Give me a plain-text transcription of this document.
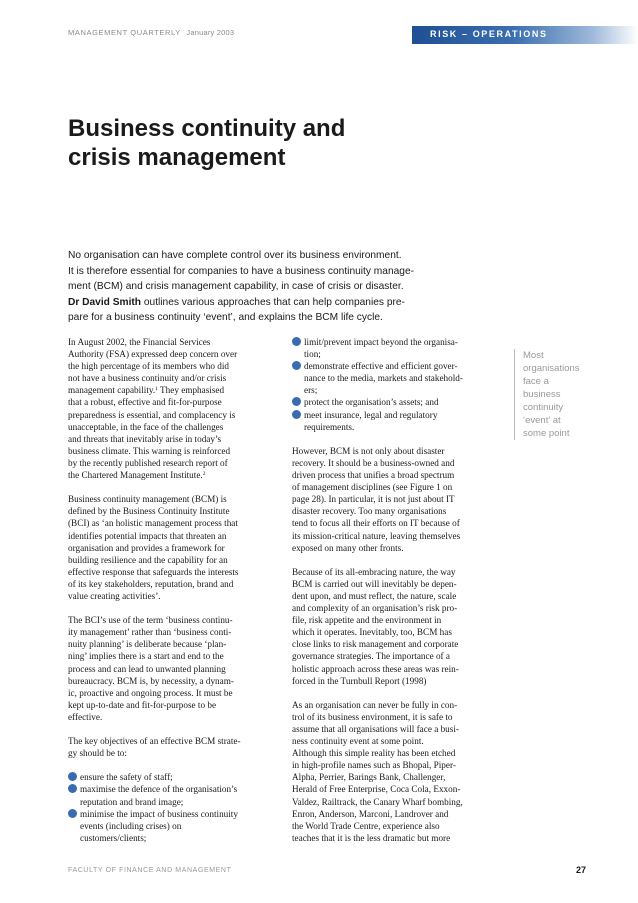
MANAGEMENT QUARTERLY January 2003	RISK – OPERATIONS
Business continuity and
crisis management

No organisation can have complete control over its business environment.
It is therefore essential for companies to have a business continuity manage-
ment (BCM) and crisis management capability, in case of crisis or disaster.
Dr David Smith outlines various approaches that can help companies pre-
pare for a business continuity ‘event’, and explains the BCM life cycle.

In August 2002, the Financial Services
Authority (FSA) expressed deep concern over
the high percentage of its members who did
not have a business continuity and/or crisis
management capability.$^1$ They emphasised
that a robust, effective and fit-for-purpose
preparedness is essential, and complacency is
unacceptable, in the face of the challenges
and threats that inevitably arise in today’s
business climate. This warning is reinforced
by the recently published research report of
the Chartered Management Institute.$^2$
Business continuity management (BCM) is
defined by the Business Continuity Institute
(BCI) as ‘an holistic management process that
identifies potential impacts that threaten an
organisation and provides a framework for
building resilience and the capability for an
effective response that safeguards the interests
of its key stakeholders, reputation, brand and
value creating activities’.
The BCI’s use of the term ‘business continu-
ity management’ rather than ‘business conti-
nuity planning’ is deliberate because ‘plan-
ning’ implies there is a start and end to the
process and can lead to unwanted planning
bureaucracy. BCM is, by necessity, a dynam-
ic, proactive and ongoing process. It must be
kept up-to-date and fit-for-purpose to be
effective.
The key objectives of an effective BCM strate-
gy should be to:
ensure the safety of staff;
maximise the defence of the organisation’s
reputation and brand image;
minimise the impact of business continuity
events (including crises) on
customers/clients;
limit/prevent impact beyond the organisa-
tion;
demonstrate effective and efficient gover-
nance to the media, markets and stakehold-
ers;
protect the organisation’s assets; and
meet insurance, legal and regulatory
requirements.
However, BCM is not only about disaster
recovery. It should be a business-owned and
driven process that unifies a broad spectrum
of management disciplines (see Figure 1 on
page 28). In particular, it is not just about IT
disaster recovery. Too many organisations
tend to focus all their efforts on IT because of
its mission-critical nature, leaving themselves
exposed on many other fronts.
Because of its all-embracing nature, the way
BCM is carried out will inevitably be depen-
dent upon, and must reflect, the nature, scale
and complexity of an organisation’s risk pro-
file, risk appetite and the environment in
which it operates. Inevitably, too, BCM has
close links to risk management and corporate
governance strategies. The importance of a
holistic approach across these areas was rein-
forced in the Turnbull Report (1998)
As an organisation can never be fully in con-
trol of its business environment, it is safe to
assume that all organisations will face a busi-
ness continuity event at some point.
Although this simple reality has been etched
in high-profile names such as Bhopal, Piper-
Alpha, Perrier, Barings Bank, Challenger,
Herald of Free Enterprise, Coca Cola, Exxon-
Valdez, Railtrack, the Canary Wharf bombing,
Enron, Anderson, Marconi, Landrover and
the World Trade Centre, experience also
teaches that it is the less dramatic but more
Most
organisations
face a
business
continuity
‘event’ at
some point
FACULTY OF FINANCE AND MANAGEMENT	27
